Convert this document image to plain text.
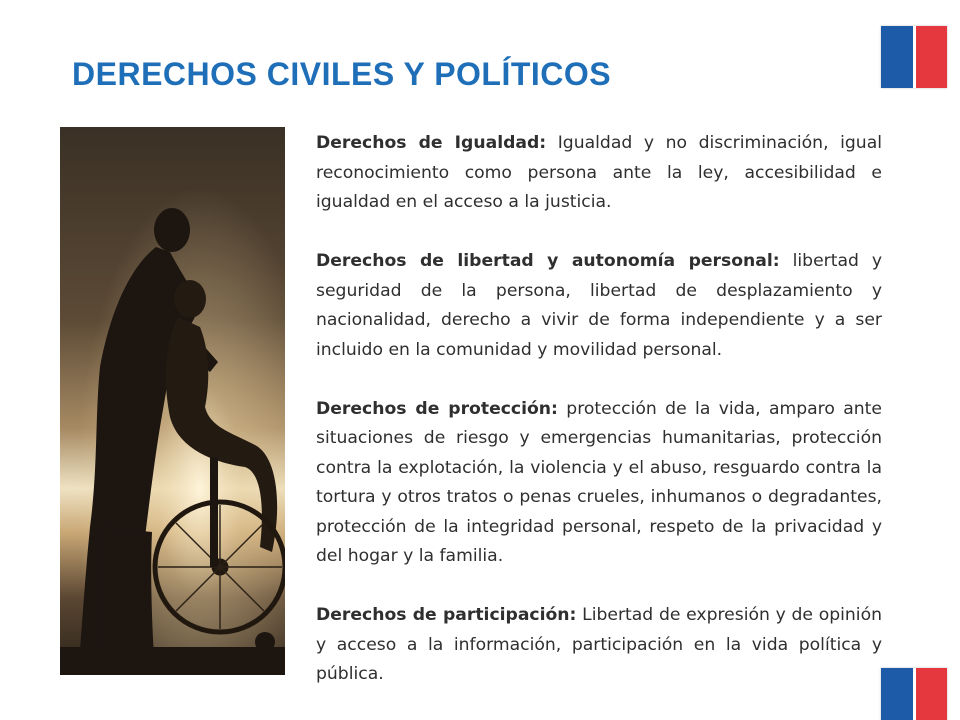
DERECHOS CIVILES Y POLÍTICOS

Derechos de Igualdad: Igualdad y no discriminación, igual reconocimiento como persona ante la ley, accesibilidad e igualdad en el acceso a la justicia.

Derechos de libertad y autonomía personal: libertad y seguridad de la persona, libertad de desplazamiento y nacionalidad, derecho a vivir de forma independiente y a ser incluido en la comunidad y movilidad personal.

Derechos de protección: protección de la vida, amparo ante situaciones de riesgo y emergencias humanitarias, protección contra la explotación, la violencia y el abuso, resguardo contra la tortura y otros tratos o penas crueles, inhumanos o degradantes, protección de la integridad personal, respeto de la privacidad y del hogar y la familia.

Derechos de participación: Libertad de expresión y de opinión y acceso a la información, participación en la vida política y pública.
